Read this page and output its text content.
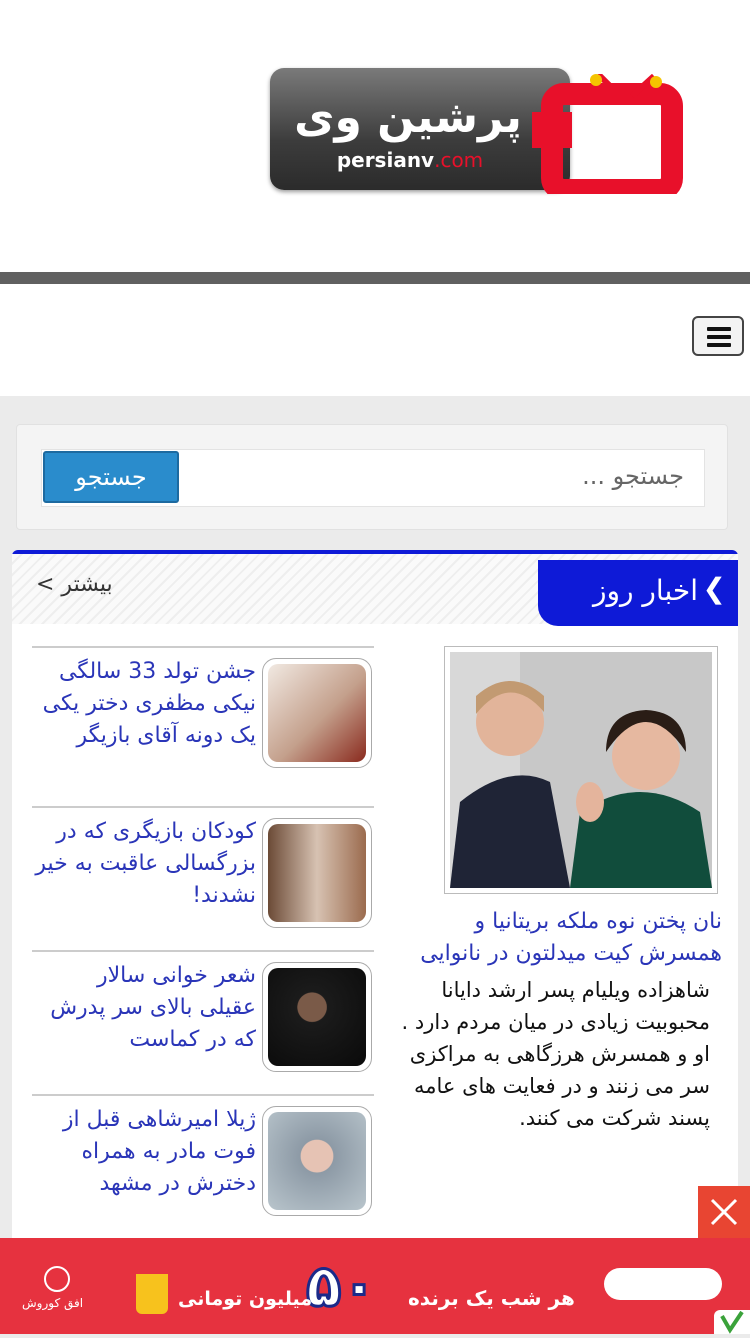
پرشین وی
persianv.com
جستجو ...
جستجو
❯
اخبار روز
بیشتر >
نان پختن نوه ملکه بریتانیا و همسرش کیت میدلتون در نانوایی
شاهزاده ویلیام پسر ارشد دایانا محبوبیت زیادی در میان مردم دارد . او و همسرش هرزگاهی به مراکزی سر می زنند و در فعایت های عامه پسند شرکت می کنند.
جشن تولد 33 سالگی نیکی مظفری دختر یکی یک دونه آقای بازیگر
کودکان بازیگری که در بزرگسالی عاقبت به خیر نشدند!
شعر خوانی سالار عقیلی بالای سر پدرش که در کماست
ژیلا امیرشاهی قبل از فوت مادر به همراه دخترش در مشهد
هر شب یک برنده
۵۰
میلیون تومانی
افق کوروش
